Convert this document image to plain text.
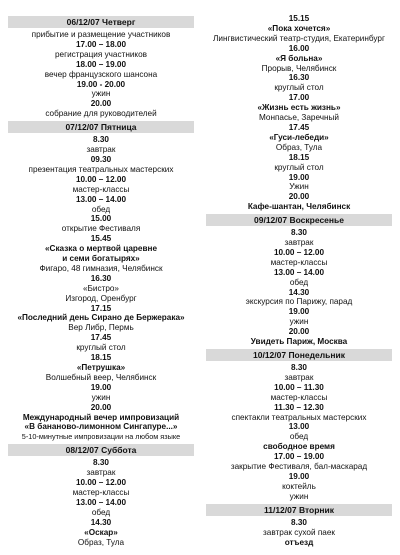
06/12/07 Четверг
прибытие и размещение участников
17.00 – 18.00
регистрация участников
18.00 – 19.00
вечер французского шансона
19.00 - 20.00
ужин
20.00
собрание для руководителей
07/12/07 Пятница
8.30
завтрак
09.30
презентация театральных мастерских
10.00 – 12.00
мастер-классы
13.00 – 14.00
обед
15.00
открытие Фестиваля
15.45
«Сказка о мертвой царевне
и семи богатырях»
Фигаро, 48 гимназия, Челябинск
16.30
«Бистро»
Изгород, Оренбург
17.15
«Последний день Сирано де Бержерака»
Вер Либр, Пермь
17.45
круглый стол
18.15
«Петрушка»
Волшебный веер, Челябинск
19.00
ужин
20.00
Международный вечер импровизаций
«В бананово-лимонном Сингапуре...»
5-10-минутные импровизации на любом языке
08/12/07 Суббота
8.30
завтрак
10.00 – 12.00
мастер-классы
13.00 – 14.00
обед
14.30
«Оскар»
Образ, Тула
15.15
«Пока хочется»
Лингвистический театр-студия, Екатеринбург
16.00
«Я больна»
Прорыв, Челябинск
16.30
круглый стол
17.00
«Жизнь есть жизнь»
Монпасье, Заречный
17.45
«Гуси-лебеди»
Образ, Тула
18.15
круглый стол
19.00
Ужин
20.00
Кафе-шантан, Челябинск
09/12/07 Воскресенье
8.30
завтрак
10.00 – 12.00
мастер-классы
13.00 – 14.00
обед
14.30
экскурсия по Парижу, парад
19.00
ужин
20.00
Увидеть Париж, Москва
10/12/07 Понедельник
8.30
завтрак
10.00 – 11.30
мастер-классы
11.30 – 12.30
спектакли театральных мастерских
13.00
обед
свободное время
17.00 – 19.00
закрытие Фестиваля, бал-маскарад
19.00
коктейль
ужин
11/12/07 Вторник
8.30
завтрак сухой паек
отъезд
